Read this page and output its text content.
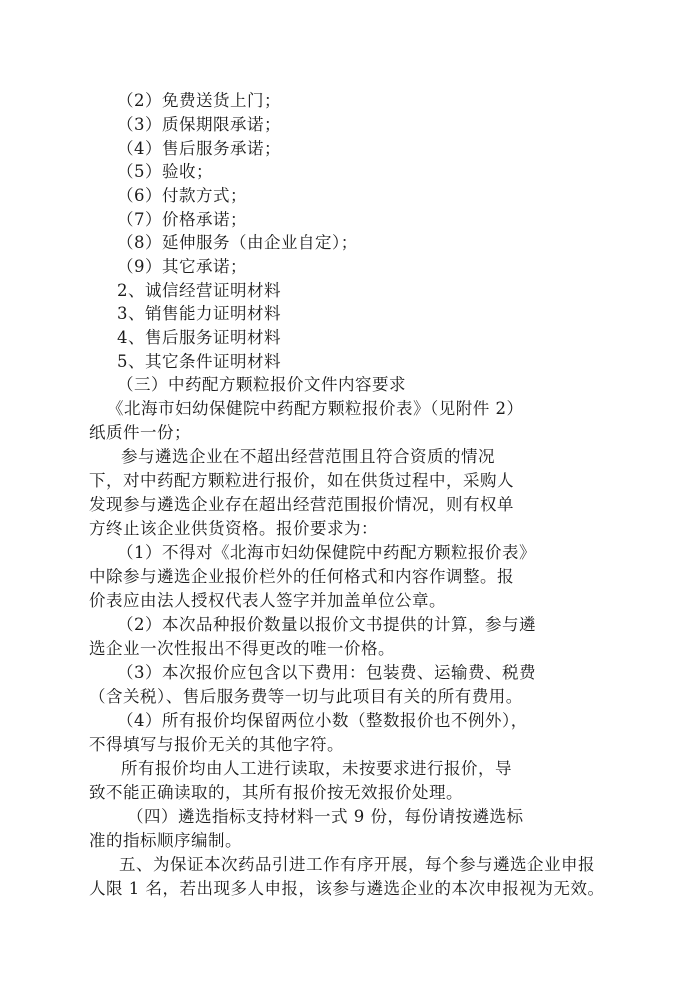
（2）免费送货上门；
（3）质保期限承诺；
（4）售后服务承诺；
（5）验收；
（6）付款方式；
（7）价格承诺；
（8）延伸服务（由企业自定）；
（9）其它承诺；
2、诚信经营证明材料
3、销售能力证明材料
4、售后服务证明材料
5、其它条件证明材料
（三）中药配方颗粒报价文件内容要求
《北海市妇幼保健院中药配方颗粒报价表》（见附件 2）
纸质件一份；
参与遴选企业在不超出经营范围且符合资质的情况
下，对中药配方颗粒进行报价，如在供货过程中，采购人
发现参与遴选企业存在超出经营范围报价情况，则有权单
方终止该企业供货资格。报价要求为：
（1）不得对《北海市妇幼保健院中药配方颗粒报价表》
中除参与遴选企业报价栏外的任何格式和内容作调整。报
价表应由法人授权代表人签字并加盖单位公章。
（2）本次品种报价数量以报价文书提供的计算，参与遴
选企业一次性报出不得更改的唯一价格。
（3）本次报价应包含以下费用：包装费、运输费、税费
（含关税）、售后服务费等一切与此项目有关的所有费用。
（4）所有报价均保留两位小数（整数报价也不例外），
不得填写与报价无关的其他字符。
所有报价均由人工进行读取，未按要求进行报价，导
致不能正确读取的，其所有报价按无效报价处理。
（四）遴选指标支持材料一式 9 份，每份请按遴选标
准的指标顺序编制。
五、为保证本次药品引进工作有序开展，每个参与遴选企业申报
人限 1 名，若出现多人申报，该参与遴选企业的本次申报视为无效。
